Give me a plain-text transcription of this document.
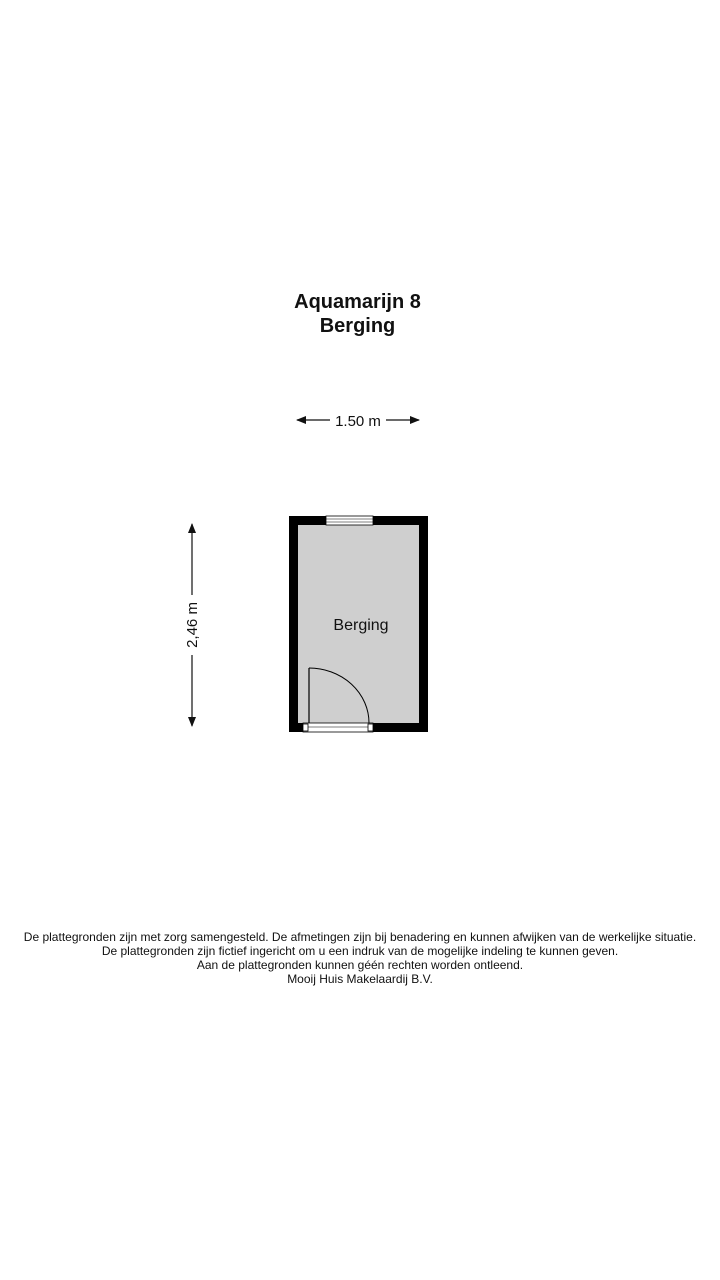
Aquamarijn 8
Berging
1.50 m
2,46 m	Berging
De plattegronden zijn met zorg samengesteld. De afmetingen zijn bij benadering en kunnen afwijken van de werkelijke situatie.
De plattegronden zijn fictief ingericht om u een indruk van de mogelijke indeling te kunnen geven.
Aan de plattegronden kunnen géén rechten worden ontleend.
Mooij Huis Makelaardij B.V.
